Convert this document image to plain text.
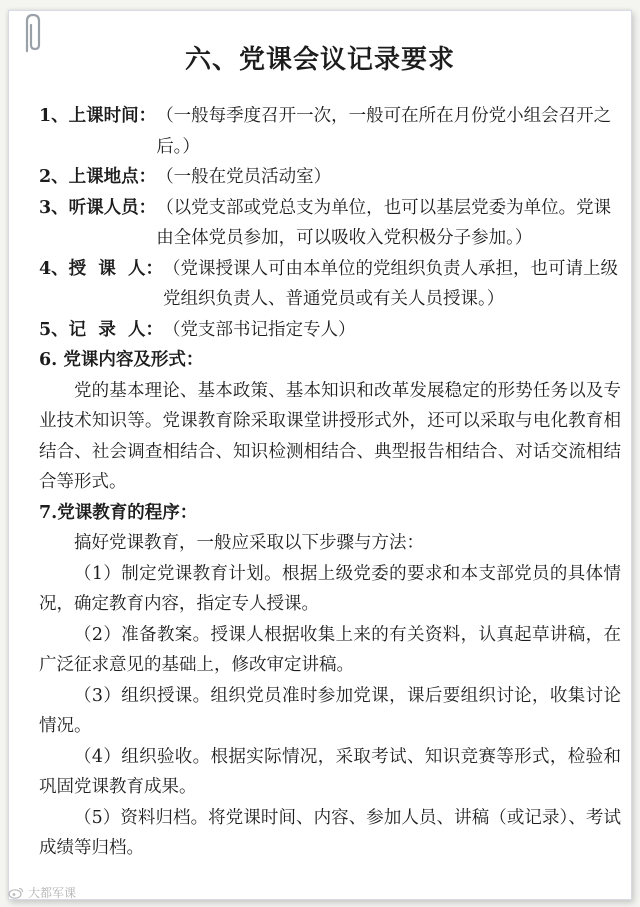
六、党课会议记录要求
1、上课时间： （一般每季度召开一次，一般可在所在月份党小组会召开之后。）
2、上课地点： （一般在党员活动室）
3、听课人员： （以党支部或党总支为单位，也可以基层党委为单位。党课由全体党员参加，可以吸收入党积极分子参加。）
4、授  课  人： （党课授课人可由本单位的党组织负责人承担，也可请上级党组织负责人、普通党员或有关人员授课。）
5、记  录  人： （党支部书记指定专人）
6. 党课内容及形式：
党的基本理论、基本政策、基本知识和改革发展稳定的形势任务以及专业技术知识等。党课教育除采取课堂讲授形式外，还可以采取与电化教育相结合、社会调查相结合、知识检测相结合、典型报告相结合、对话交流相结合等形式。
7.党课教育的程序：
搞好党课教育，一般应采取以下步骤与方法：
（1）制定党课教育计划。根据上级党委的要求和本支部党员的具体情况，确定教育内容，指定专人授课。
（2）准备教案。授课人根据收集上来的有关资料，认真起草讲稿，在广泛征求意见的基础上，修改审定讲稿。
（3）组织授课。组织党员准时参加党课，课后要组织讨论，收集讨论情况。
（4）组织验收。根据实际情况，采取考试、知识竞赛等形式，检验和巩固党课教育成果。
（5）资料归档。将党课时间、内容、参加人员、讲稿（或记录）、考试成绩等归档。
大都军课
